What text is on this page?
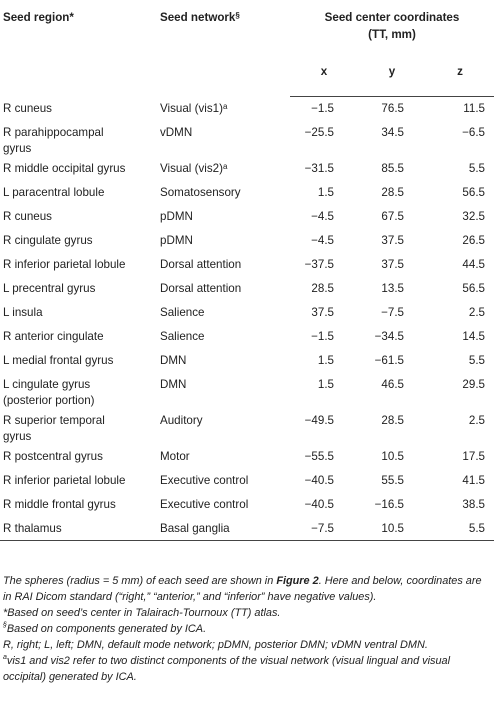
Seed region*	Seed network§	Seed center coordinates
(TT, mm)		
		x	y	z
R cuneus	Visual $(vis1)^a$	−1.5	76.5	11.5
R parahippocampal
gyrus	vDMN	−25.5	34.5	−6.5
R middle occipital gyrus	Visual $(vis2)^a$	−31.5	85.5	5.5
L paracentral lobule	Somatosensory	1.5	28.5	56.5
R cuneus	pDMN	−4.5	67.5	32.5
R cingulate gyrus	pDMN	−4.5	37.5	26.5
R inferior parietal lobule	Dorsal attention	−37.5	37.5	44.5
L precentral gyrus	Dorsal attention	28.5	13.5	56.5
L insula	Salience	37.5	−7.5	2.5
R anterior cingulate	Salience	−1.5	−34.5	14.5
L medial frontal gyrus	DMN	1.5	−61.5	5.5
L cingulate gyrus
(posterior portion)	DMN	1.5	46.5	29.5
R superior temporal
gyrus	Auditory	−49.5	28.5	2.5
R postcentral gyrus	Motor	−55.5	10.5	17.5
R inferior parietal lobule	Executive control	−40.5	55.5	41.5
R middle frontal gyrus	Executive control	−40.5	−16.5	38.5
R thalamus	Basal ganglia	−7.5	10.5	5.5

The spheres (radius = 5 mm) of each seed are shown in Figure 2. Here and below, coordinates are in RAI Dicom standard (“right,” “anterior,” and “inferior” have negative values).

*Based on seed’s center in Talairach-Tournoux (TT) atlas.

§Based on components generated by ICA.

R, right; L, left; DMN, default mode network; pDMN, posterior DMN; vDMN ventral DMN.

$^a$vis1 and vis2 refer to two distinct components of the visual network (visual lingual and visual occipital) generated by ICA.
